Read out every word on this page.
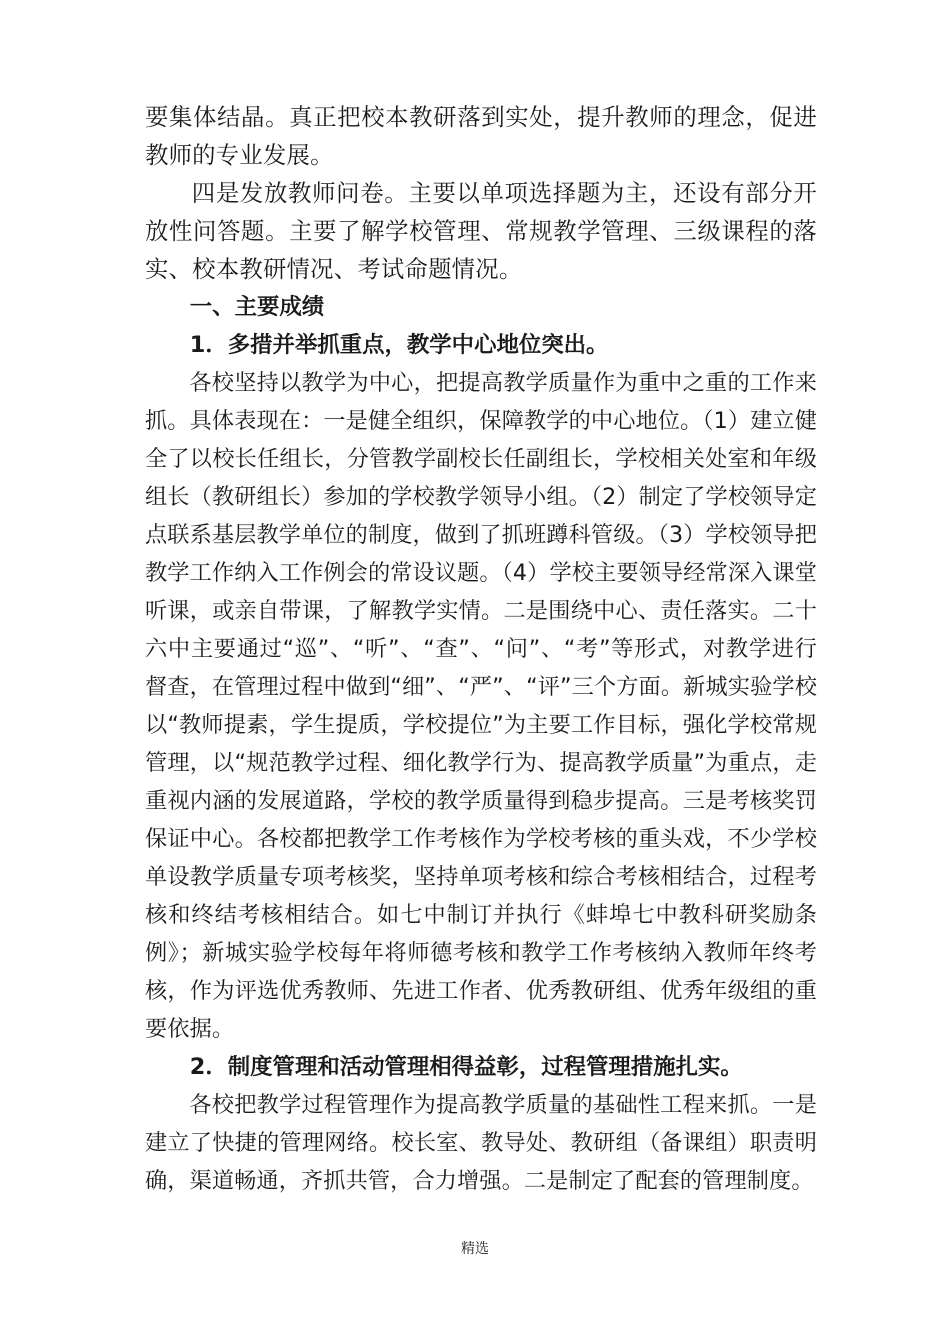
要集体结晶。真正把校本教研落到实处，提升教师的理念，促进教师的专业发展。

四是发放教师问卷。主要以单项选择题为主，还设有部分开放性问答题。主要了解学校管理、常规教学管理、三级课程的落实、校本教研情况、考试命题情况。

一、主要成绩
1．多措并举抓重点，教学中心地位突出。

各校坚持以教学为中心，把提高教学质量作为重中之重的工作来抓。具体表现在：一是健全组织，保障教学的中心地位。（1）建立健全了以校长任组长，分管教学副校长任副组长，学校相关处室和年级组长（教研组长）参加的学校教学领导小组。（2）制定了学校领导定点联系基层教学单位的制度，做到了抓班蹲科管级。（3）学校领导把教学工作纳入工作例会的常设议题。（4）学校主要领导经常深入课堂听课，或亲自带课，了解教学实情。二是围绕中心、责任落实。二十六中主要通过“巡”、“听”、“查”、“问”、“考”等形式，对教学进行督查，在管理过程中做到“细”、“严”、“评”三个方面。新城实验学校以“教师提素，学生提质，学校提位”为主要工作目标，强化学校常规管理，以“规范教学过程、细化教学行为、提高教学质量”为重点，走重视内涵的发展道路，学校的教学质量得到稳步提高。三是考核奖罚保证中心。各校都把教学工作考核作为学校考核的重头戏，不少学校单设教学质量专项考核奖，坚持单项考核和综合考核相结合，过程考核和终结考核相结合。如七中制订并执行《蚌埠七中教科研奖励条例》；新城实验学校每年将师德考核和教学工作考核纳入教师年终考核，作为评选优秀教师、先进工作者、优秀教研组、优秀年级组的重要依据。

2．制度管理和活动管理相得益彰，过程管理措施扎实。

各校把教学过程管理作为提高教学质量的基础性工程来抓。一是建立了快捷的管理网络。校长室、教导处、教研组（备课组）职责明确，渠道畅通，齐抓共管，合力增强。二是制定了配套的管理制度。

精选
